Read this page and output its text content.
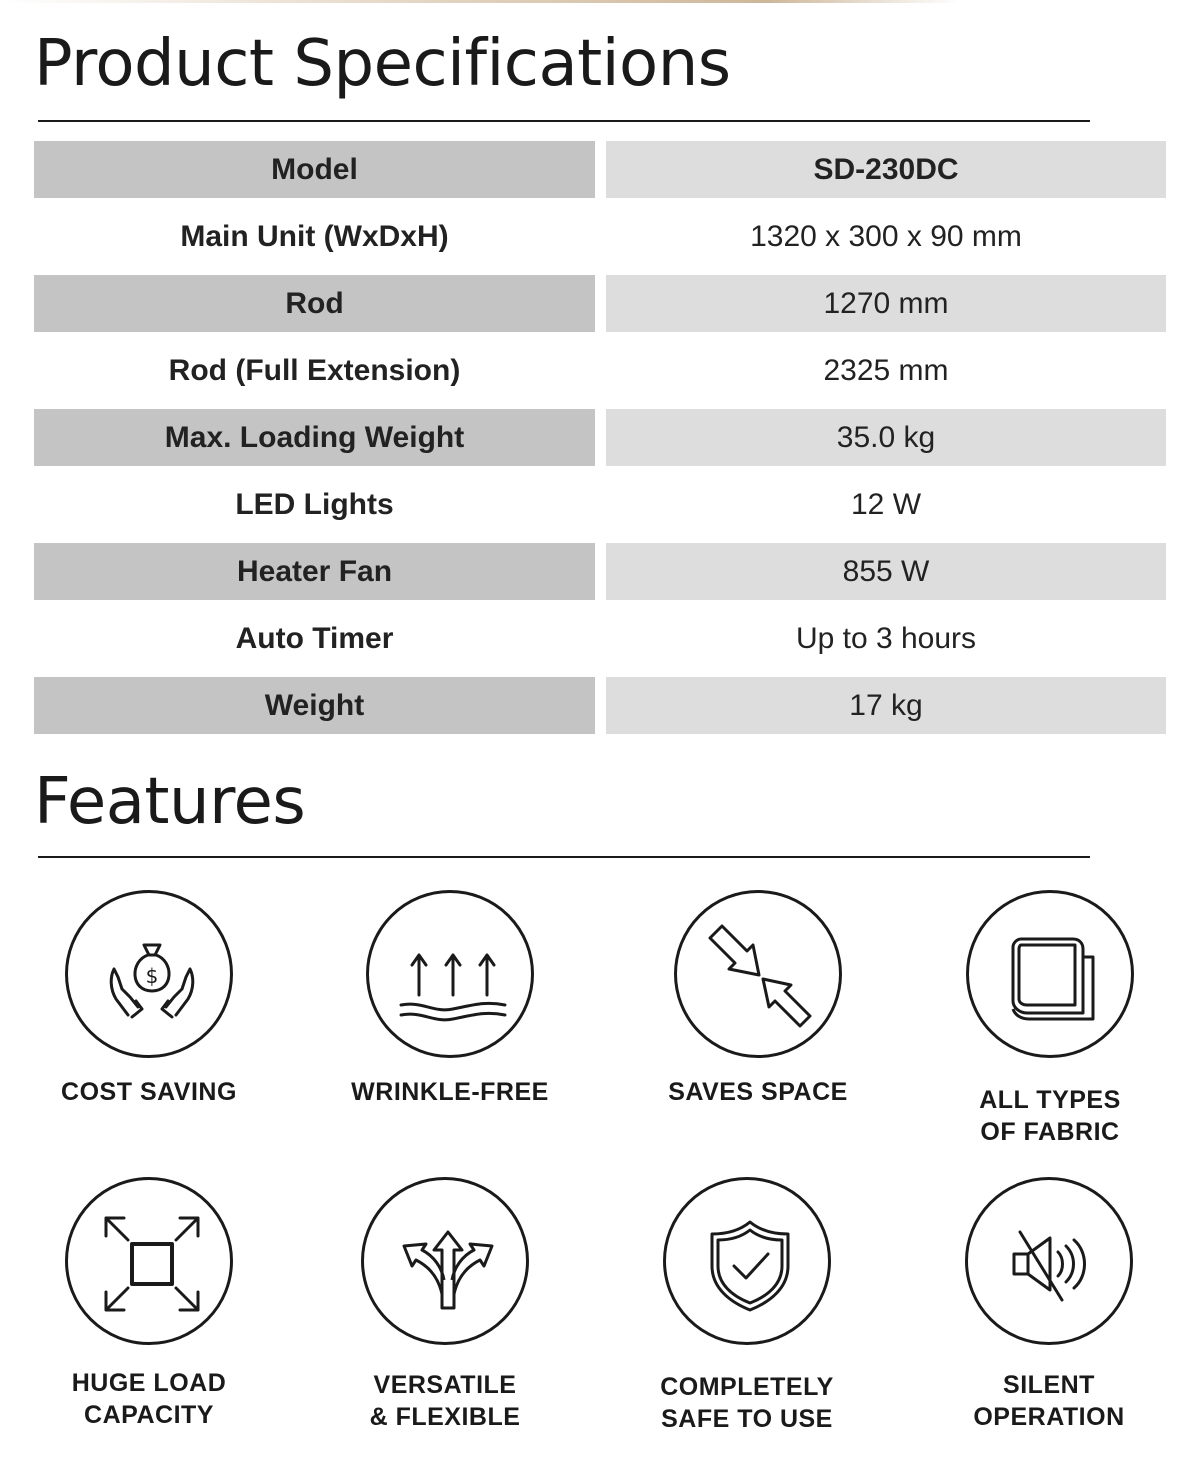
Product Specifications
Model	SD-230DC
Main Unit (WxDxH)	1320 x 300 x 90 mm
Rod	1270 mm
Rod (Full Extension)	2325 mm
Max. Loading Weight	35.0 kg
LED Lights	12 W
Heater Fan	855 W
Auto Timer	Up to 3 hours
Weight	17 kg
Features
$
COST SAVING	WRINKLE-FREE	SAVES SPACE	ALL TYPES
OF FABRIC
HUGE LOAD
CAPACITY
VERSATILE
& FLEXIBLE
COMPLETELY
SAFE TO USE
SILENT
OPERATION
